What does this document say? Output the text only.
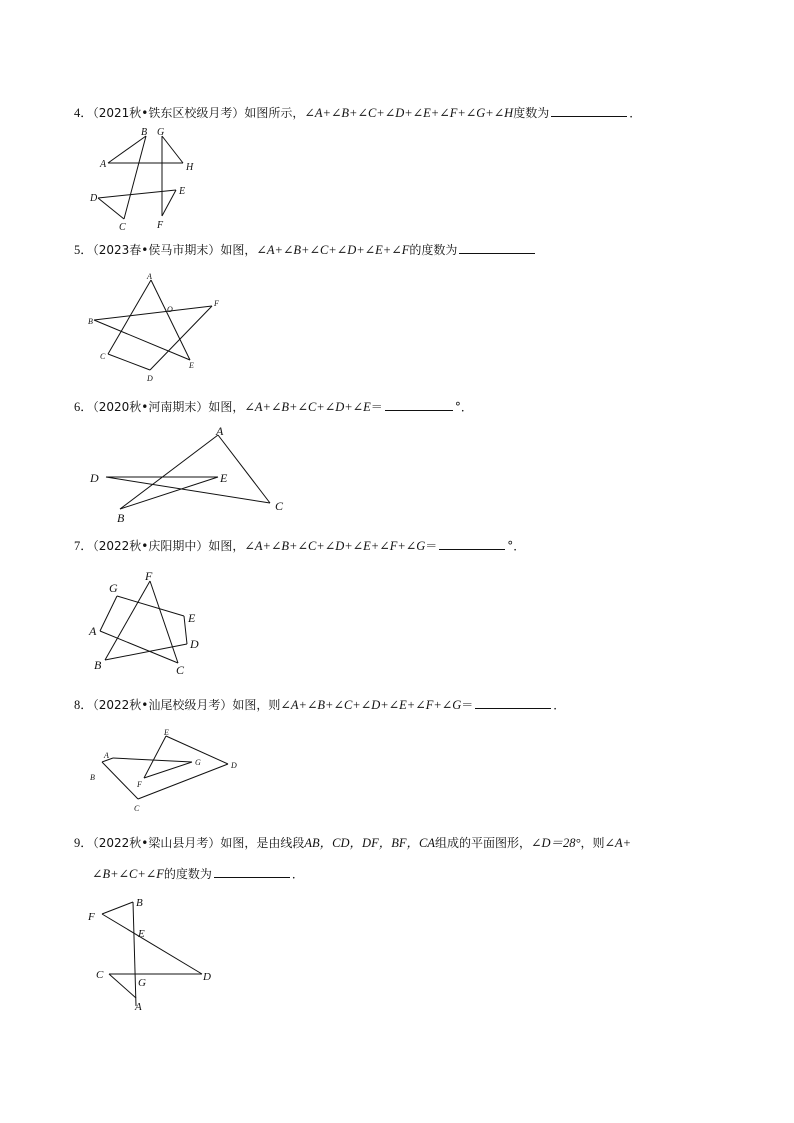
4．（2021秋•铁东区校级月考）如图所示，∠A+∠B+∠C+∠D+∠E+∠F+∠G+∠H度数为	．
A
B G
H
D
E
C	F
5．（2023春•侯马市期末）如图，∠A+∠B+∠C+∠D+∠E+∠F的度数为
A
O
F
B
C
E
D
6．（2020秋•河南期末）如图，∠A+∠B+∠C+∠D+∠E＝	°．
A
D	E
C
B
7．（2022秋•庆阳期中）如图，∠A+∠B+∠C+∠D+∠E+∠F+∠G＝	°．
G
F
E
A
D
B	C
8．（2022秋•汕尾校级月考）如图，则∠A+∠B+∠C+∠D+∠E+∠F+∠G＝	．
E
A
G	D
B
F
C
9．（2022秋•梁山县月考）如图，是由线段AB，CD，DF，BF，CA组成的平面图形，∠D＝28°，则∠A+
∠B+∠C+∠F的度数为	．
F
B
E
C
G	D
A
